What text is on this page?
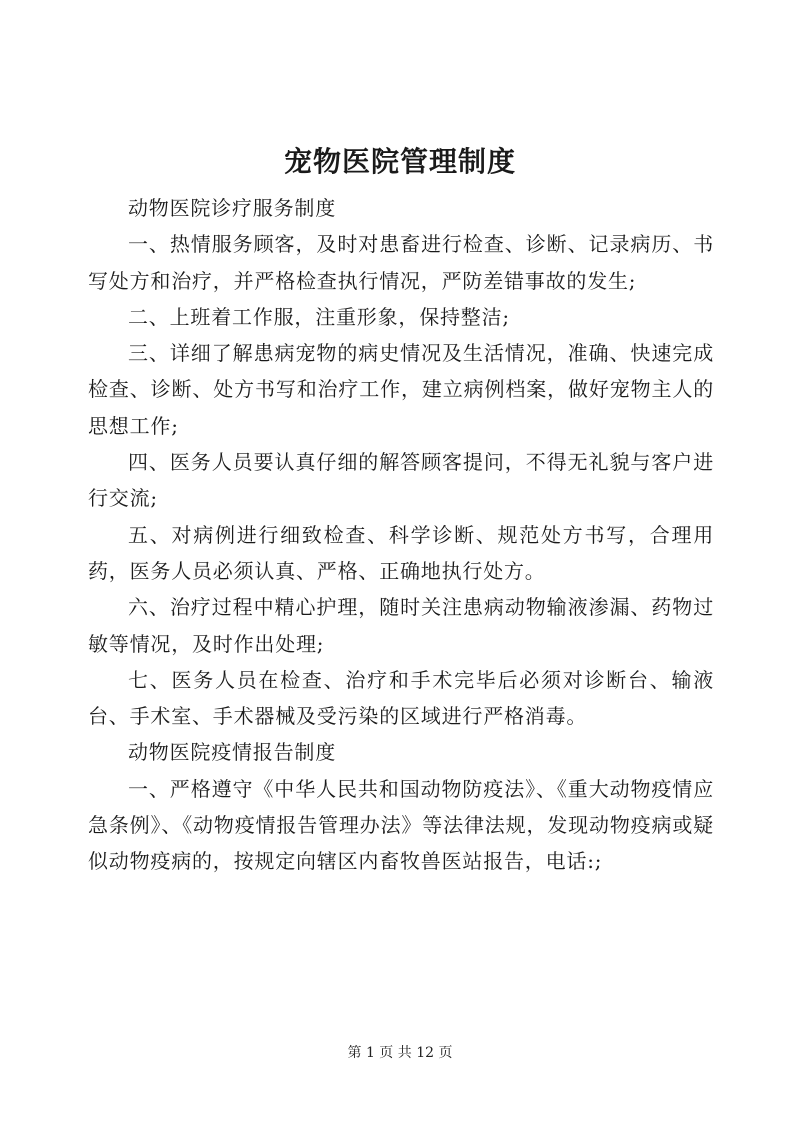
宠物医院管理制度

动物医院诊疗服务制度

一、热情服务顾客，及时对患畜进行检查、诊断、记录病历、书写处方和治疗，并严格检查执行情况，严防差错事故的发生;

二、上班着工作服，注重形象，保持整洁;

三、详细了解患病宠物的病史情况及生活情况，准确、快速完成检查、诊断、处方书写和治疗工作，建立病例档案，做好宠物主人的思想工作;

四、医务人员要认真仔细的解答顾客提问，不得无礼貌与客户进行交流;

五、对病例进行细致检查、科学诊断、规范处方书写，合理用药，医务人员必须认真、严格、正确地执行处方。

六、治疗过程中精心护理，随时关注患病动物输液渗漏、药物过敏等情况，及时作出处理;

七、医务人员在检查、治疗和手术完毕后必须对诊断台、输液台、手术室、手术器械及受污染的区域进行严格消毒。

动物医院疫情报告制度

一、严格遵守《中华人民共和国动物防疫法》、《重大动物疫情应急条例》、《动物疫情报告管理办法》等法律法规，发现动物疫病或疑似动物疫病的，按规定向辖区内畜牧兽医站报告，电话:;

第 1 页 共 12 页
